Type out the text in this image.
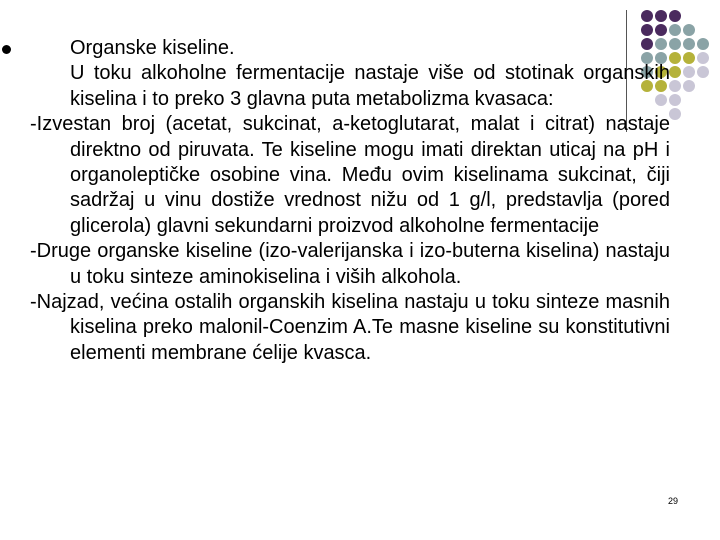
Organske kiseline.
U toku alkoholne fermentacije nastaje više od stotinak organskih kiselina i to preko 3 glavna puta metabolizma kvasaca:
-Izvestan broj (acetat, sukcinat, a-ketoglutarat, malat i citrat) nastaje direktno od piruvata. Te kiseline mogu imati direktan uticaj na pH i organoleptičke osobine vina. Među ovim kiselinama sukcinat, čiji sadržaj u vinu dostiže vrednost nižu od 1 g/l, predstavlja (pored glicerola) glavni sekundarni proizvod alkoholne fermentacije
-Druge organske kiseline (izo-valerijanska i izo-buterna kiselina) nastaju u toku sinteze aminokiselina i viših alkohola.
-Najzad, većina ostalih organskih kiselina nastaju u toku sinteze masnih kiselina preko malonil-Coenzim A.Te masne kiseline su konstitutivni elementi membrane ćelije kvasca.
29
